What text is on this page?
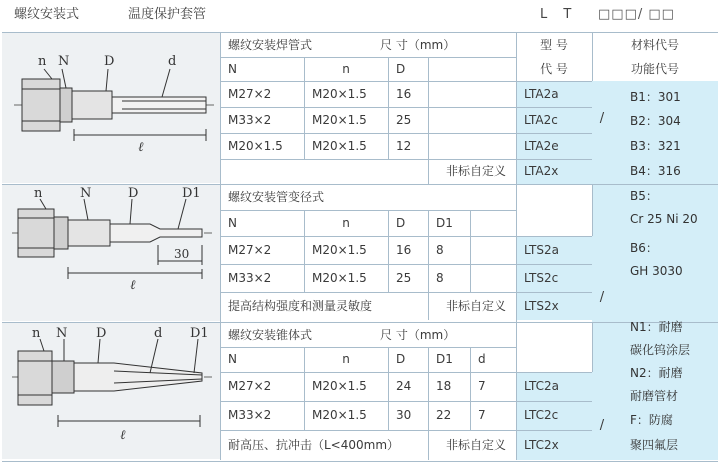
螺纹安装式	温度保护套管	L T □□□/ □□
型 号
代 号
材料代号
功能代号
螺纹安装焊管式	尺 寸（mm）
N	n	D
M27×2	M20×1.5	16	LTA2a
M33×2	M20×1.5	25	LTA2c
M20×1.5	M20×1.5	12	LTA2e
非标自定义	LTA2x
/
螺纹安装管变径式
N	n	D	D1
M27×2	M20×1.5	16	8	LTS2a
M33×2	M20×1.5	25	8	LTS2c
提高结构强度和测量灵敏度	非标自定义	LTS2x
/
螺纹安装锥体式	尺 寸（mm）
N	n	D	D1	d
M27×2	M20×1.5	24	18	7	LTC2a
M33×2	M20×1.5	30	22	7	LTC2c
耐高压、抗冲击（L<400mm）	非标自定义	LTC2x
/
B1：301
B2：304
B3：321
B4：316
B5：
Cr 25 Ni 20
B6：
GH 3030
N1：耐磨
碳化钨涂层
N2：耐磨
耐磨管材
F：防腐
聚四氟层
n N	D	d
ℓ
n	N	D	D1
ℓ
30
n N D	d D1
ℓ
